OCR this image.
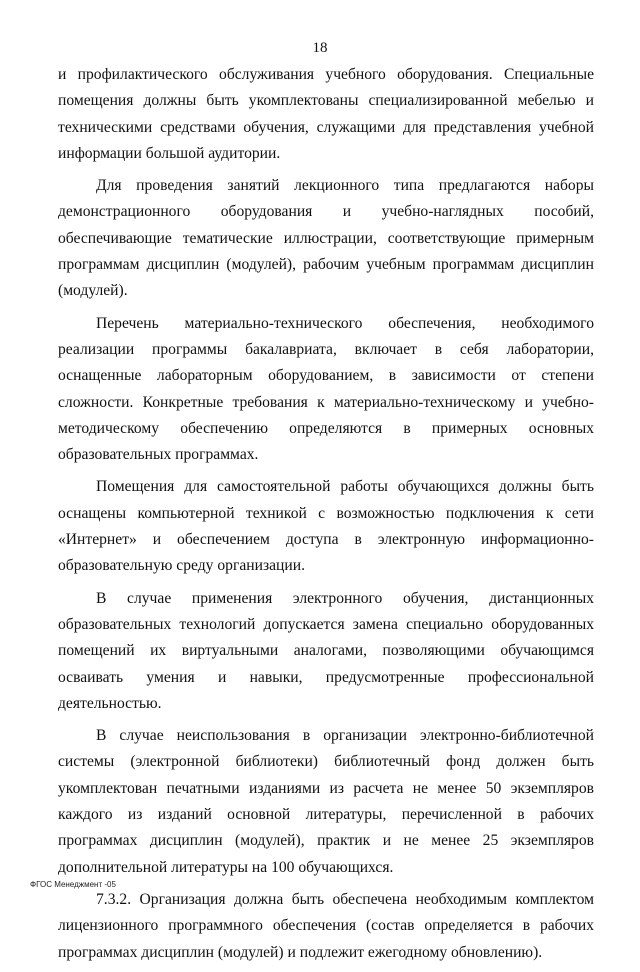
18

и профилактического обслуживания учебного оборудования. Специальные помещения должны быть укомплектованы специализированной мебелью и техническими средствами обучения, служащими для представления учебной информации большой аудитории.

Для проведения занятий лекционного типа предлагаются наборы демонстрационного оборудования и учебно-наглядных пособий, обеспечивающие тематические иллюстрации, соответствующие примерным программам дисциплин (модулей), рабочим учебным программам дисциплин (модулей).

Перечень материально-технического обеспечения, необходимого реализации программы бакалавриата, включает в себя лаборатории, оснащенные лабораторным оборудованием, в зависимости от степени сложности. Конкретные требования к материально-техническому и учебно-методическому обеспечению определяются в примерных основных образовательных программах.

Помещения для самостоятельной работы обучающихся должны быть оснащены компьютерной техникой с возможностью подключения к сети «Интернет» и обеспечением доступа в электронную информационно-образовательную среду организации.

В случае применения электронного обучения, дистанционных образовательных технологий допускается замена специально оборудованных помещений их виртуальными аналогами, позволяющими обучающимся осваивать умения и навыки, предусмотренные профессиональной деятельностью.

В случае неиспользования в организации электронно-библиотечной системы (электронной библиотеки) библиотечный фонд должен быть укомплектован печатными изданиями из расчета не менее 50 экземпляров каждого из изданий основной литературы, перечисленной в рабочих программах дисциплин (модулей), практик и не менее 25 экземпляров дополнительной литературы на 100 обучающихся.

7.3.2. Организация должна быть обеспечена необходимым комплектом лицензионного программного обеспечения (состав определяется в рабочих программах дисциплин (модулей) и подлежит ежегодному обновлению).

ФГОС Менеджмент -05
